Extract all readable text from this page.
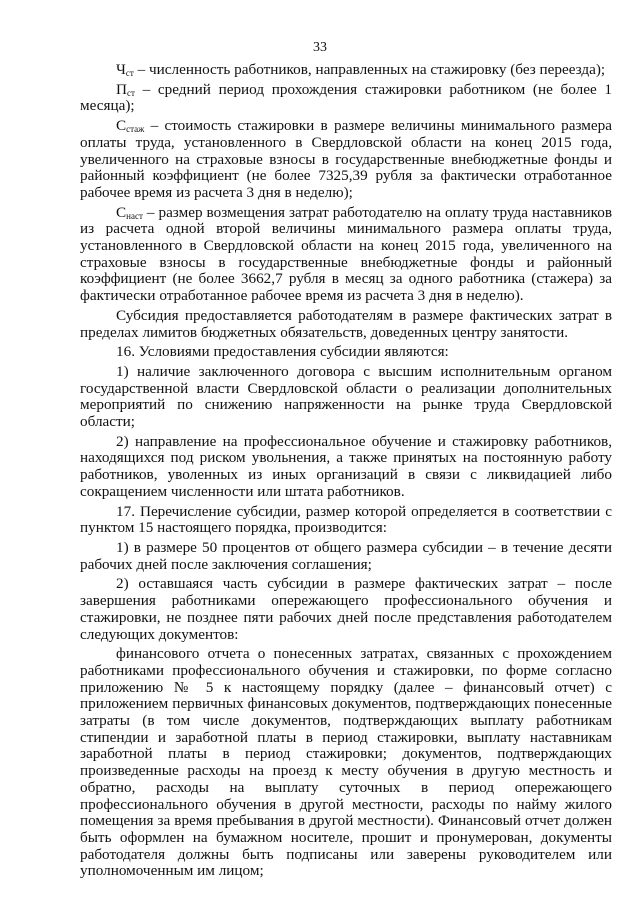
33

$Ч_{ст}$ – численность работников, направленных на стажировку (без переезда);

$П_{ст}$ – средний период прохождения стажировки работником (не более 1 месяца);

$С_{стаж}$ – стоимость стажировки в размере величины минимального размера оплаты труда, установленного в Свердловской области на конец 2015 года, увеличенного на страховые взносы в государственные внебюджетные фонды и районный коэффициент (не более 7325,39 рубля за фактически отработанное рабочее время из расчета 3 дня в неделю);

$С_{наст}$ – размер возмещения затрат работодателю на оплату труда наставников из расчета одной второй величины минимального размера оплаты труда, установленного в Свердловской области на конец 2015 года, увеличенного на страховые взносы в государственные внебюджетные фонды и районный коэффициент (не более 3662,7 рубля в месяц за одного работника (стажера) за фактически отработанное рабочее время из расчета 3 дня в неделю).

Субсидия предоставляется работодателям в размере фактических затрат в пределах лимитов бюджетных обязательств, доведенных центру занятости.

16. Условиями предоставления субсидии являются:

1) наличие заключенного договора с высшим исполнительным органом государственной власти Свердловской области о реализации дополнительных мероприятий по снижению напряженности на рынке труда Свердловской области;

2) направление на профессиональное обучение и стажировку работников, находящихся под риском увольнения, а также принятых на постоянную работу работников, уволенных из иных организаций в связи с ликвидацией либо сокращением численности или штата работников.

17. Перечисление субсидии, размер которой определяется в соответствии с пунктом 15 настоящего порядка, производится:

1) в размере 50 процентов от общего размера субсидии – в течение десяти рабочих дней после заключения соглашения;

2) оставшаяся часть субсидии в размере фактических затрат – после завершения работниками опережающего профессионального обучения и стажировки, не позднее пяти рабочих дней после представления работодателем следующих документов:

финансового отчета о понесенных затратах, связанных с прохождением работниками профессионального обучения и стажировки, по форме согласно приложению № 5 к настоящему порядку (далее – финансовый отчет) с приложением первичных финансовых документов, подтверждающих понесенные затраты (в том числе документов, подтверждающих выплату работникам стипендии и заработной платы в период стажировки, выплату наставникам заработной платы в период стажировки; документов, подтверждающих произведенные расходы на проезд к месту обучения в другую местность и обратно, расходы на выплату суточных в период опережающего профессионального обучения в другой местности, расходы по найму жилого помещения за время пребывания в другой местности). Финансовый отчет должен быть оформлен на бумажном носителе, прошит и пронумерован, документы работодателя должны быть подписаны или заверены руководителем или уполномоченным им лицом;
